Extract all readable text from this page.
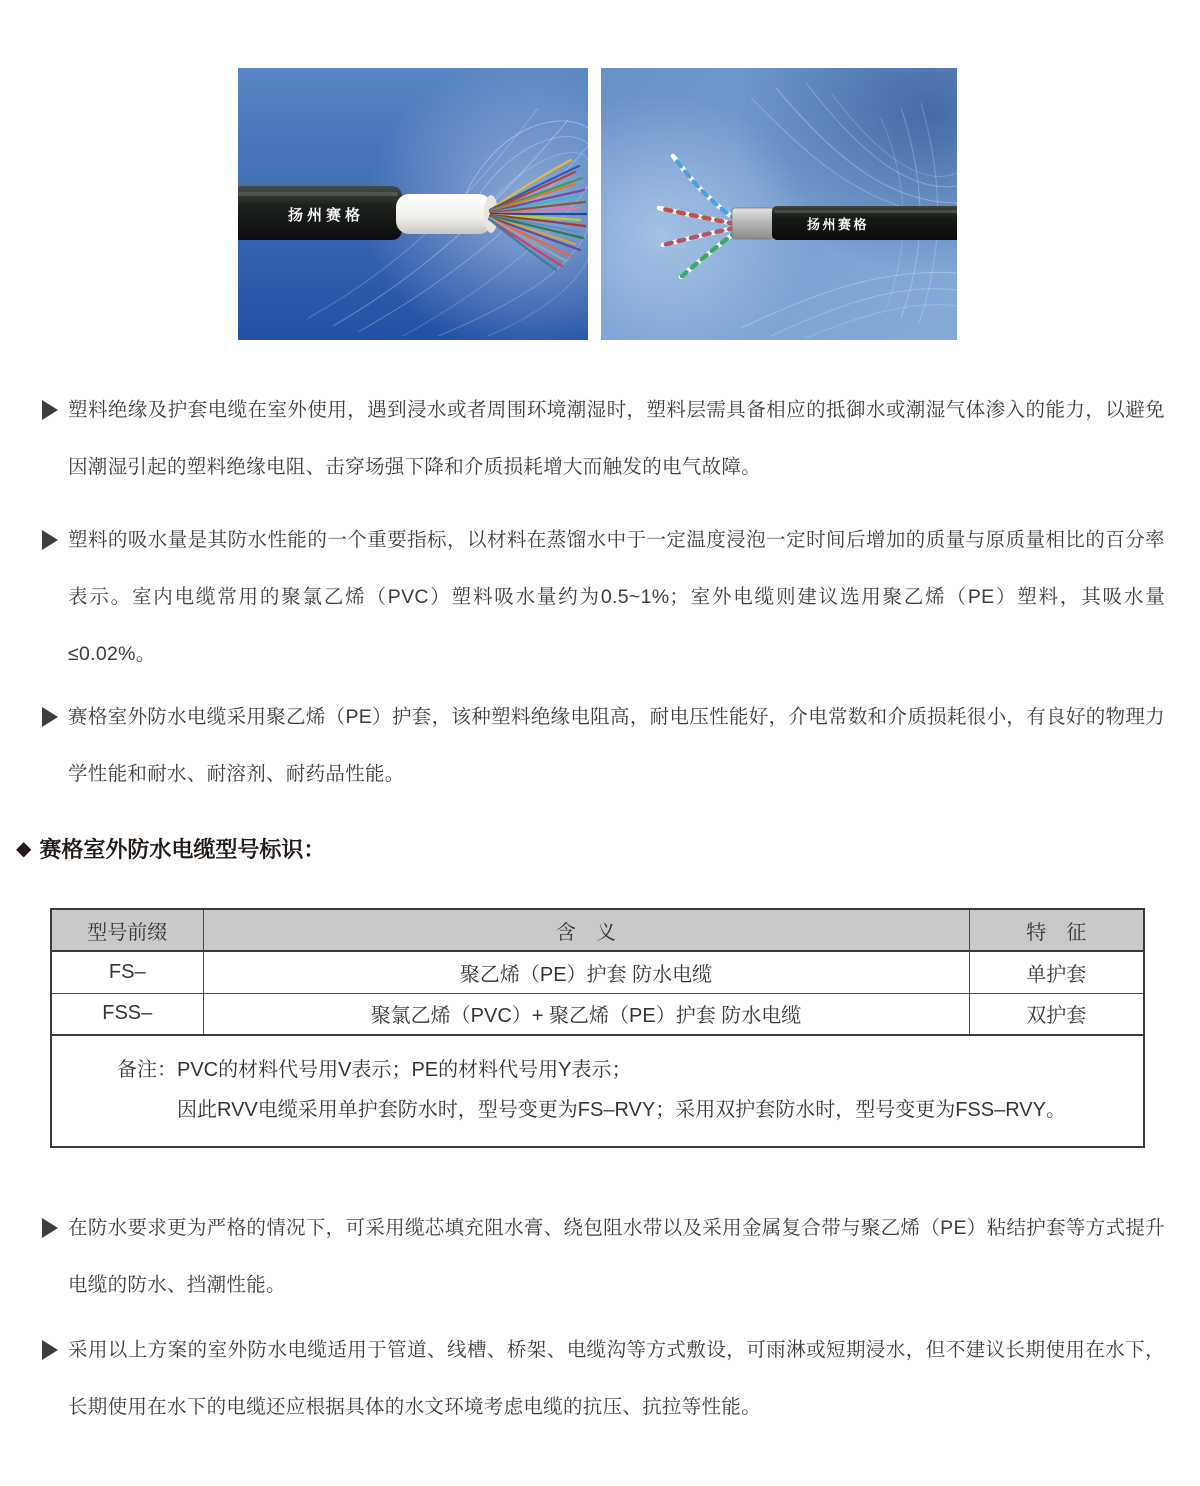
扬州赛格
扬州赛格

塑料绝缘及护套电缆在室外使用，遇到浸水或者周围环境潮湿时，塑料层需具备相应的抵御水或潮湿气体渗入的能力，以避免因潮湿引起的塑料绝缘电阻、击穿场强下降和介质损耗增大而触发的电气故障。

塑料的吸水量是其防水性能的一个重要指标，以材料在蒸馏水中于一定温度浸泡一定时间后增加的质量与原质量相比的百分率表示。室内电缆常用的聚氯乙烯（PVC）塑料吸水量约为0.5~1%；室外电缆则建议选用聚乙烯（PE）塑料，其吸水量≤0.02%。

赛格室外防水电缆采用聚乙烯（PE）护套，该种塑料绝缘电阻高，耐电压性能好，介电常数和介质损耗很小，有良好的物理力学性能和耐水、耐溶剂、耐药品性能。

◆ 赛格室外防水电缆型号标识：
型号前缀	含　义	特　征
FS–	聚乙烯（PE）护套 防水电缆	单护套
FSS–	聚氯乙烯（PVC）+ 聚乙烯（PE）护套 防水电缆	双护套

备注： PVC的材料代号用V表示；PE的材料代号用Y表示；
因此RVV电缆采用单护套防水时，型号变更为FS–RVY；采用双护套防水时，型号变更为FSS–RVY。		

在防水要求更为严格的情况下，可采用缆芯填充阻水膏、绕包阻水带以及采用金属复合带与聚乙烯（PE）粘结护套等方式提升电缆的防水、挡潮性能。

采用以上方案的室外防水电缆适用于管道、线槽、桥架、电缆沟等方式敷设，可雨淋或短期浸水，但不建议长期使用在水下，长期使用在水下的电缆还应根据具体的水文环境考虑电缆的抗压、抗拉等性能。
